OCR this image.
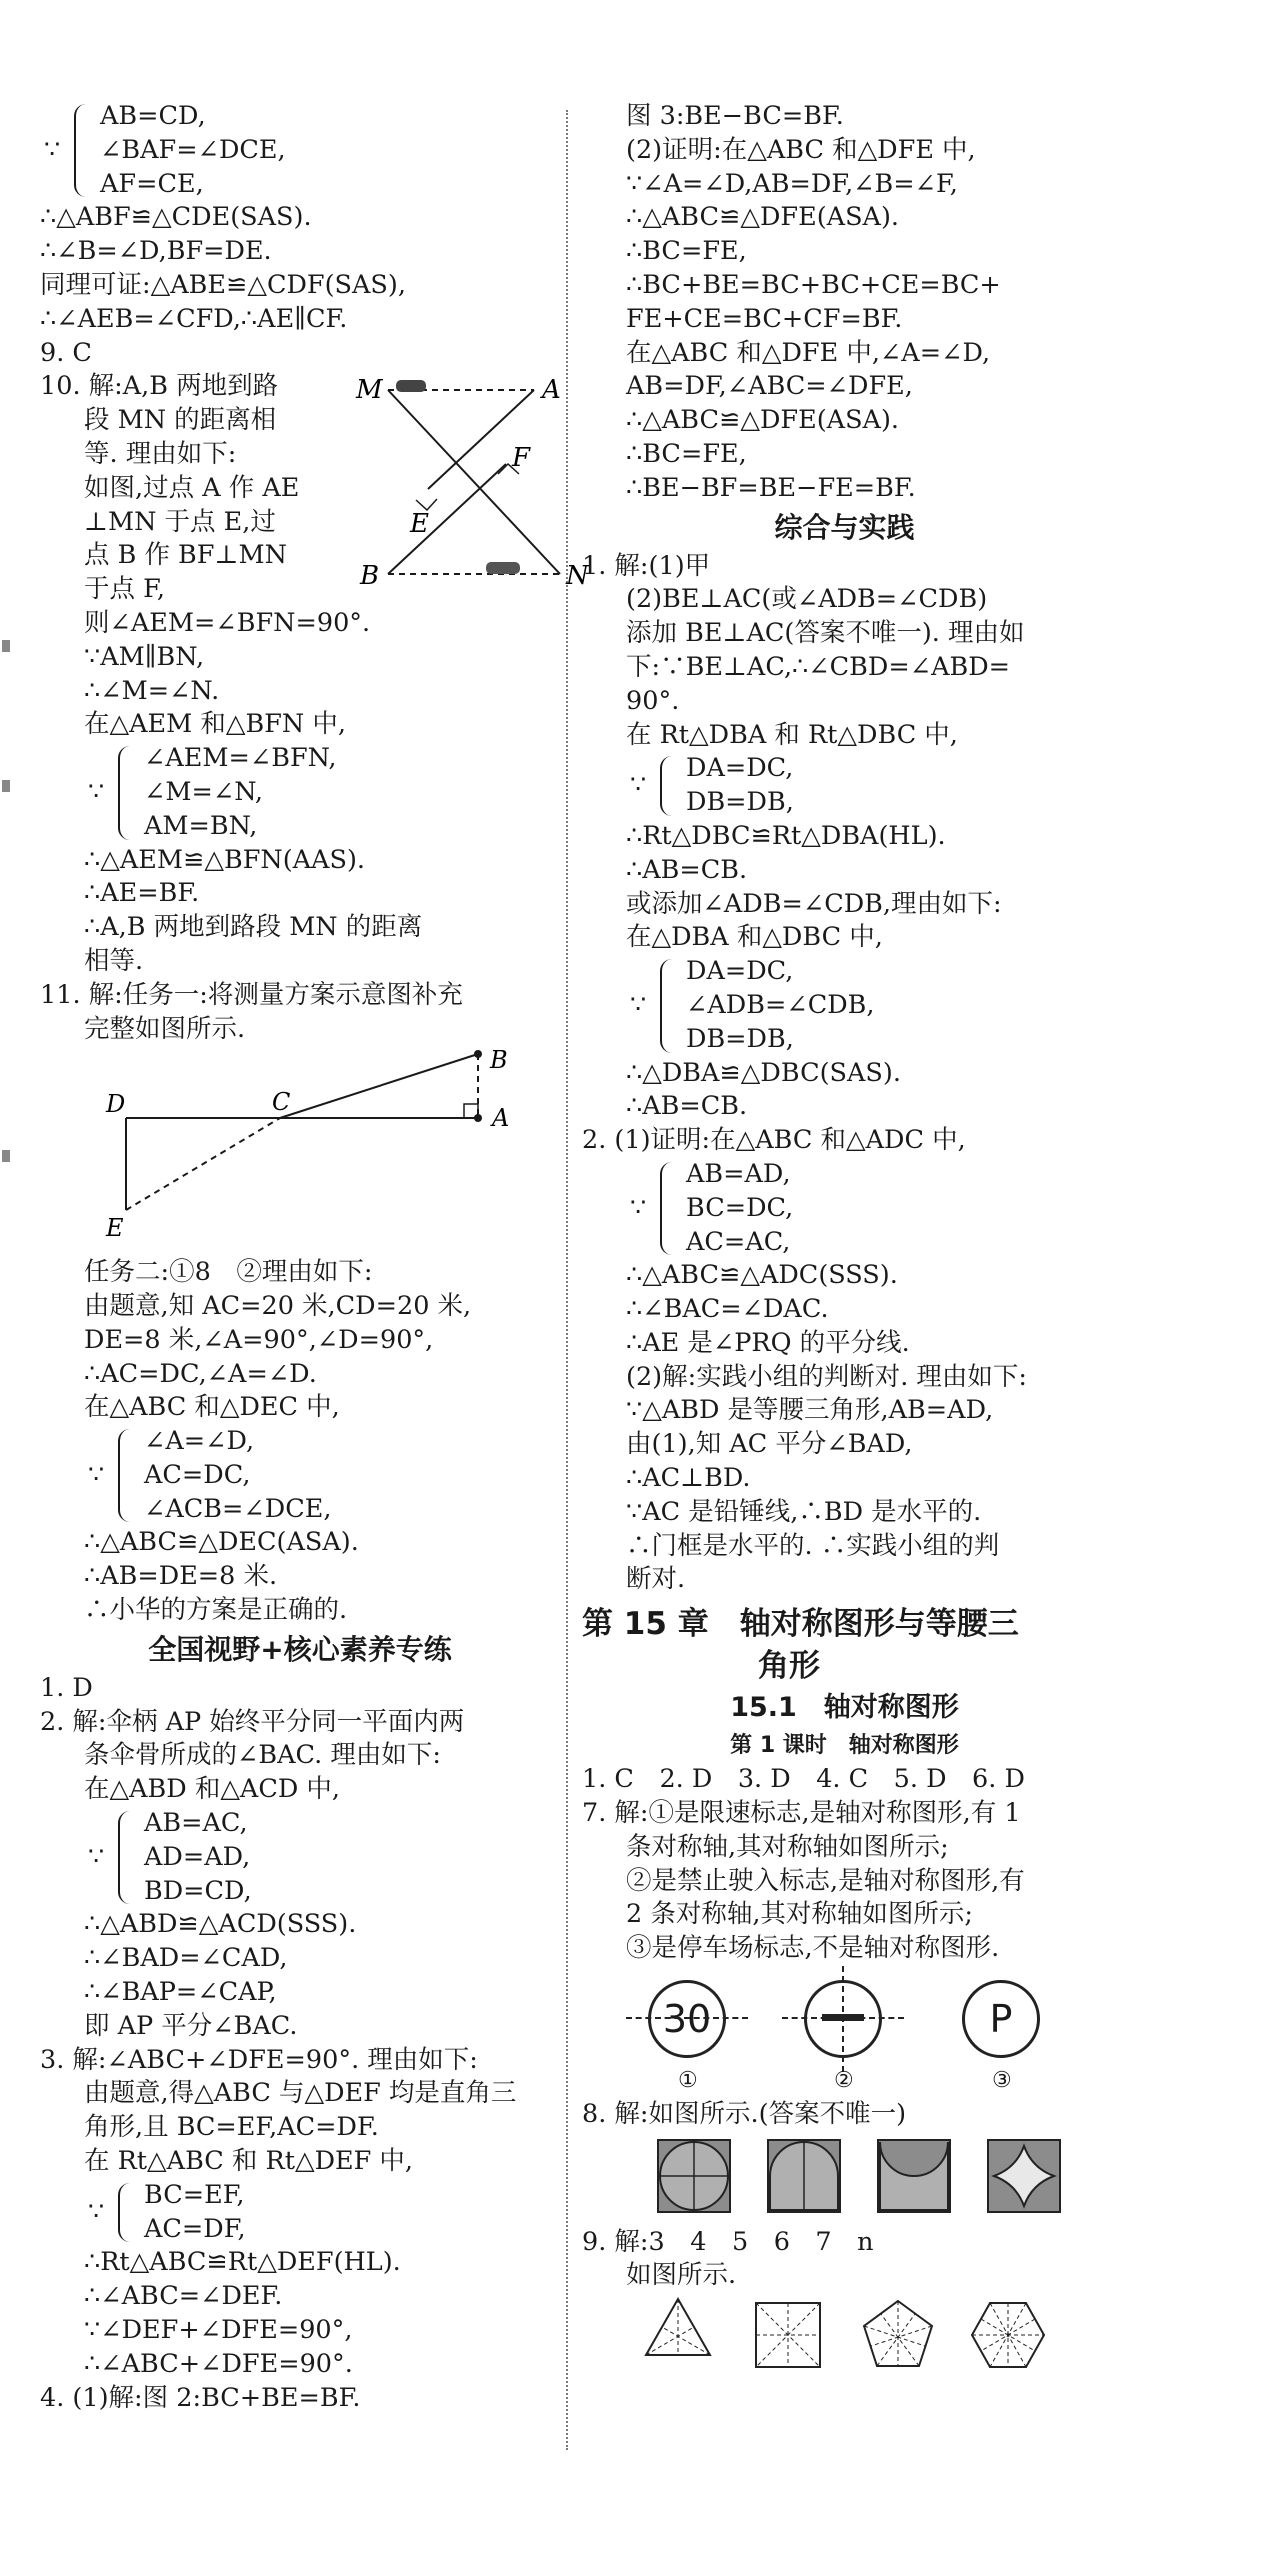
∵
AB=CD,
∠BAF=∠DCE,
AF=CE,
∴△ABF≌△CDE(SAS).
∴∠B=∠D,BF=DE.
同理可证:△ABE≌△CDF(SAS),
∴∠AEB=∠CFD,∴AE∥CF.
9. C
10. 解:A,B 两地到路
段 MN 的距离相
等. 理由如下:
如图,过点 A 作 AE
⊥MN 于点 E,过
点 B 作 BF⊥MN
于点 F,
M	A
E
F
B	N
则∠AEM=∠BFN=90°.
∵AM∥BN,
∴∠M=∠N.
在△AEM 和△BFN 中,
∵
∠AEM=∠BFN,
∠M=∠N,
AM=BN,
∴△AEM≌△BFN(AAS).
∴AE=BF.
∴A,B 两地到路段 MN 的距离
相等.
11. 解:任务一:将测量方案示意图补充
完整如图所示.
B
D	C
A
E
任务二:①8　②理由如下:
由题意,知 AC=20 米,CD=20 米,
DE=8 米,∠A=90°,∠D=90°,
∴AC=DC,∠A=∠D.
在△ABC 和△DEC 中,
∵
∠A=∠D,
AC=DC,
∠ACB=∠DCE,
∴△ABC≌△DEC(ASA).
∴AB=DE=8 米.
∴小华的方案是正确的.
全国视野+核心素养专练
1. D
2. 解:伞柄 AP 始终平分同一平面内两
条伞骨所成的∠BAC. 理由如下:
在△ABD 和△ACD 中,
∵
AB=AC,
AD=AD,
BD=CD,
∴△ABD≌△ACD(SSS).
∴∠BAD=∠CAD,
∴∠BAP=∠CAP,
即 AP 平分∠BAC.
3. 解:∠ABC+∠DFE=90°. 理由如下:
由题意,得△ABC 与△DEF 均是直角三
角形,且 BC=EF,AC=DF.
在 Rt△ABC 和 Rt△DEF 中,
∵
BC=EF,
AC=DF,
∴Rt△ABC≌Rt△DEF(HL).
∴∠ABC=∠DEF.
∵∠DEF+∠DFE=90°,
∴∠ABC+∠DFE=90°.
4. (1)解:图 2:BC+BE=BF.
图 3:BE−BC=BF.
(2)证明:在△ABC 和△DFE 中,
∵∠A=∠D,AB=DF,∠B=∠F,
∴△ABC≌△DFE(ASA).
∴BC=FE,
∴BC+BE=BC+BC+CE=BC+
FE+CE=BC+CF=BF.
在△ABC 和△DFE 中,∠A=∠D,
AB=DF,∠ABC=∠DFE,
∴△ABC≌△DFE(ASA).
∴BC=FE,
∴BE−BF=BE−FE=BF.
综合与实践
1. 解:(1)甲
(2)BE⊥AC(或∠ADB=∠CDB)
添加 BE⊥AC(答案不唯一). 理由如
下:∵BE⊥AC,∴∠CBD=∠ABD=
90°.
在 Rt△DBA 和 Rt△DBC 中,
∵
DA=DC,
DB=DB,
∴Rt△DBC≌Rt△DBA(HL).
∴AB=CB.
或添加∠ADB=∠CDB,理由如下:
在△DBA 和△DBC 中,
∵
DA=DC,
∠ADB=∠CDB,
DB=DB,
∴△DBA≌△DBC(SAS).
∴AB=CB.
2. (1)证明:在△ABC 和△ADC 中,
∵
AB=AD,
BC=DC,
AC=AC,
∴△ABC≌△ADC(SSS).
∴∠BAC=∠DAC.
∴AE 是∠PRQ 的平分线.
(2)解:实践小组的判断对. 理由如下:
∵△ABD 是等腰三角形,AB=AD,
由(1),知 AC 平分∠BAD,
∴AC⊥BD.
∵AC 是铅锤线,∴BD 是水平的.
∴门框是水平的. ∴实践小组的判
断对.
第 15 章　轴对称图形与等腰三
角形
15.1　轴对称图形
第 1 课时　轴对称图形
1. C　2. D　3. D　4. C　5. D　6. D
7. 解:①是限速标志,是轴对称图形,有 1
条对称轴,其对称轴如图所示;
②是禁止驶入标志,是轴对称图形,有
2 条对称轴,其对称轴如图所示;
③是停车场标志,不是轴对称图形.
30	P
①	②	③
8. 解:如图所示.(答案不唯一)
9. 解:3　4　5　6　7　n
如图所示.
